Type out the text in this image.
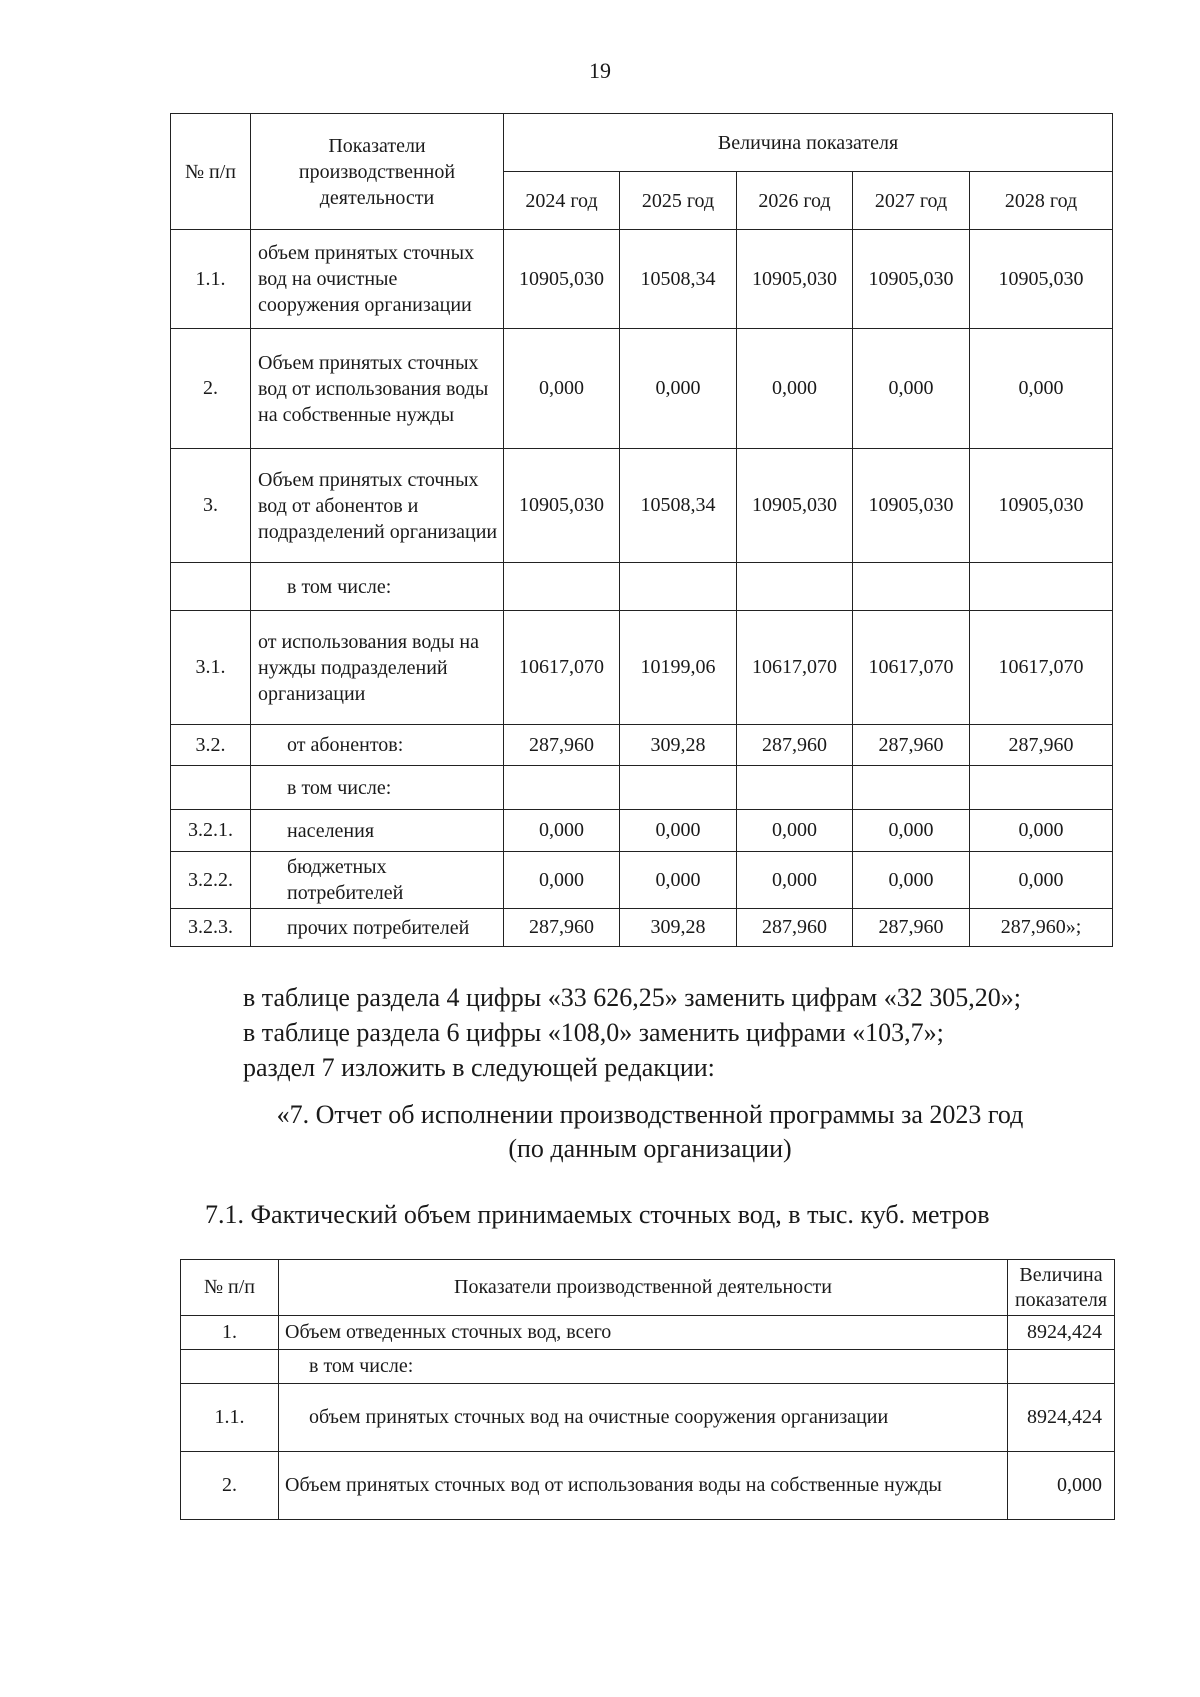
19
№ п/п	Показатели производственной деятельности	Величина показателя				
		2024 год	2025 год	2026 год	2027 год	2028 год
1.1.	объем принятых сточных вод на очистные сооружения организации	10905,030	10508,34	10905,030	10905,030	10905,030
2.	Объем принятых сточных вод от использования воды на собственные нужды	0,000	0,000	0,000	0,000	0,000
3.	Объем принятых сточных вод от абонентов и подразделений организации	10905,030	10508,34	10905,030	10905,030	10905,030
	в том числе:					
3.1.	от использования воды на нужды подразделений организации	10617,070	10199,06	10617,070	10617,070	10617,070
3.2.	от абонентов:	287,960	309,28	287,960	287,960	287,960
	в том числе:					
3.2.1.	населения	0,000	0,000	0,000	0,000	0,000
3.2.2.	бюджетных потребителей	0,000	0,000	0,000	0,000	0,000
3.2.3.	прочих потребителей	287,960	309,28	287,960	287,960	287,960»;

в таблице раздела 4 цифры «33 626,25» заменить цифрам «32 305,20»;

в таблице раздела 6 цифры «108,0» заменить цифрами «103,7»;

раздел 7 изложить в следующей редакции:

«7. Отчет об исполнении производственной программы за 2023 год

(по данным организации)

7.1. Фактический объем принимаемых сточных вод, в тыс. куб. метров
№ п/п	Показатели производственной деятельности	Величина показателя
1.	Объем отведенных сточных вод, всего	8924,424
	в том числе:	
1.1.	объем принятых сточных вод на очистные сооружения организации	8924,424
2.	Объем принятых сточных вод от использования воды на собственные нужды	0,000
